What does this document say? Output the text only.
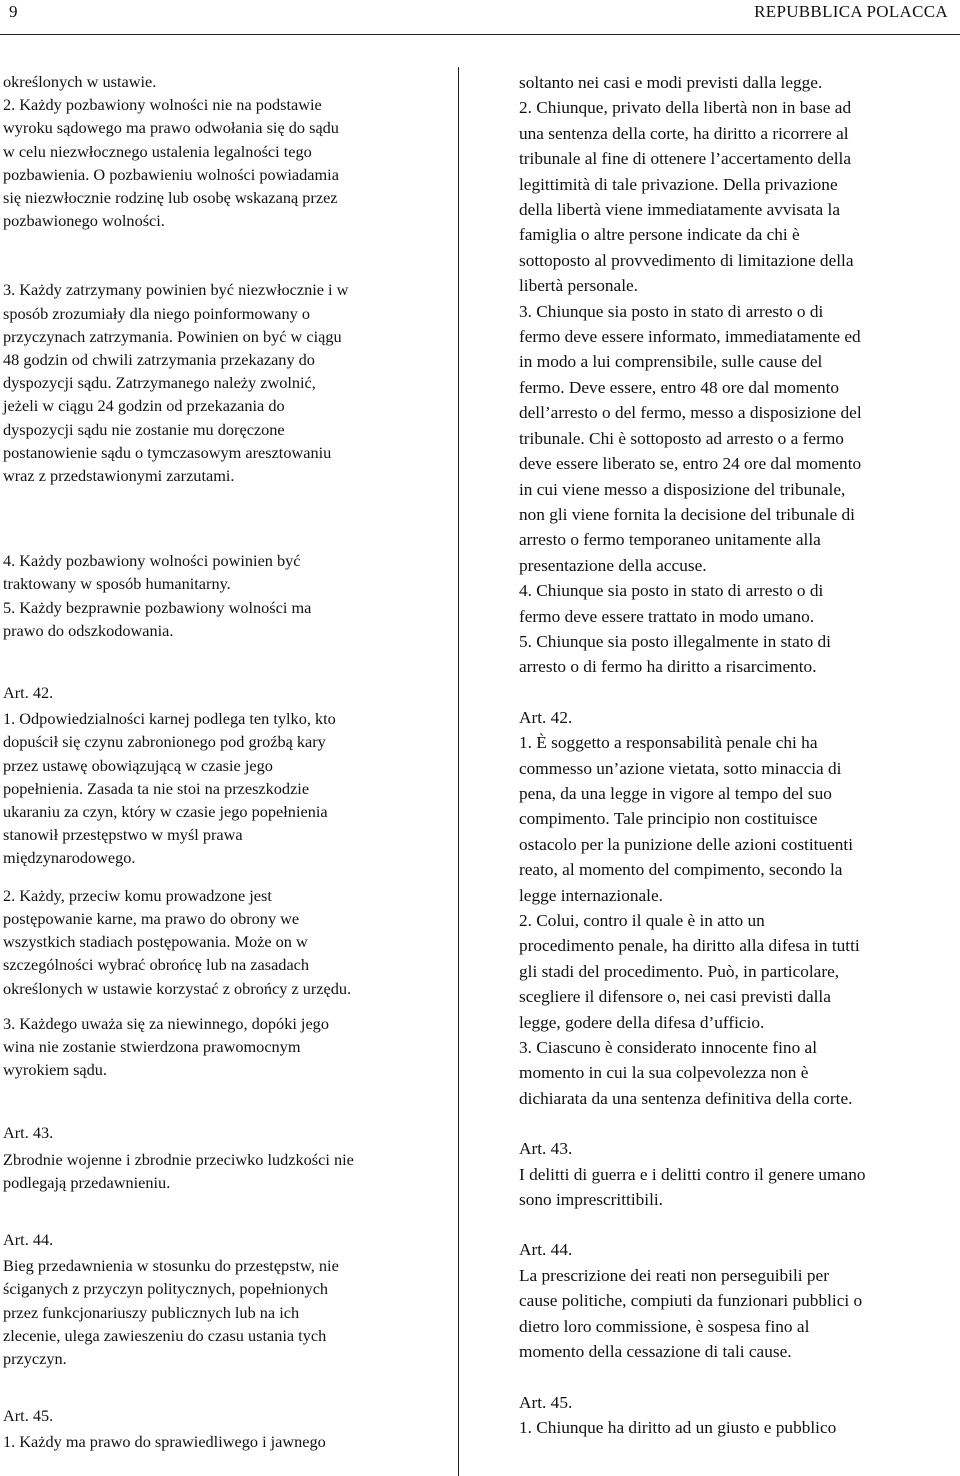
9	REPUBBLICA POLACCA

określonych w ustawie.
2. Każdy pozbawiony wolności nie na podstawie
wyroku sądowego ma prawo odwołania się do sądu
w celu niezwłocznego ustalenia legalności tego
pozbawienia. O pozbawieniu wolności powiadamia
się niezwłocznie rodzinę lub osobę wskazaną przez
pozbawionego wolności.

3. Każdy zatrzymany powinien być niezwłocznie i w
sposób zrozumiały dla niego poinformowany o
przyczynach zatrzymania. Powinien on być w ciągu
48 godzin od chwili zatrzymania przekazany do
dyspozycji sądu. Zatrzymanego należy zwolnić,
jeżeli w ciągu 24 godzin od przekazania do
dyspozycji sądu nie zostanie mu doręczone
postanowienie sądu o tymczasowym aresztowaniu
wraz z przedstawionymi zarzutami.

4. Każdy pozbawiony wolności powinien być
traktowany w sposób humanitarny.
5. Każdy bezprawnie pozbawiony wolności ma
prawo do odszkodowania.

Art. 42.

1. Odpowiedzialności karnej podlega ten tylko, kto
dopuścił się czynu zabronionego pod groźbą kary
przez ustawę obowiązującą w czasie jego
popełnienia. Zasada ta nie stoi na przeszkodzie
ukaraniu za czyn, który w czasie jego popełnienia
stanowił przestępstwo w myśl prawa
międzynarodowego.

2. Każdy, przeciw komu prowadzone jest
postępowanie karne, ma prawo do obrony we
wszystkich stadiach postępowania. Może on w
szczególności wybrać obrońcę lub na zasadach
określonych w ustawie korzystać z obrońcy z urzędu.

3. Każdego uważa się za niewinnego, dopóki jego
wina nie zostanie stwierdzona prawomocnym
wyrokiem sądu.

Art. 43.

Zbrodnie wojenne i zbrodnie przeciwko ludzkości nie
podlegają przedawnieniu.

Art. 44.

Bieg przedawnienia w stosunku do przestępstw, nie
ściganych z przyczyn politycznych, popełnionych
przez funkcjonariuszy publicznych lub na ich
zlecenie, ulega zawieszeniu do czasu ustania tych
przyczyn.

Art. 45.

1. Każdy ma prawo do sprawiedliwego i jawnego

soltanto nei casi e modi previsti dalla legge.
2. Chiunque, privato della libertà non in base ad
una sentenza della corte, ha diritto a ricorrere al
tribunale al fine di ottenere l’accertamento della
legittimità di tale privazione. Della privazione
della libertà viene immediatamente avvisata la
famiglia o altre persone indicate da chi è
sottoposto al provvedimento di limitazione della
libertà personale.
3. Chiunque sia posto in stato di arresto o di
fermo deve essere informato, immediatamente ed
in modo a lui comprensibile, sulle cause del
fermo. Deve essere, entro 48 ore dal momento
dell’arresto o del fermo, messo a disposizione del
tribunale. Chi è sottoposto ad arresto o a fermo
deve essere liberato se, entro 24 ore dal momento
in cui viene messo a disposizione del tribunale,
non gli viene fornita la decisione del tribunale di
arresto o fermo temporaneo unitamente alla
presentazione della accuse.
4. Chiunque sia posto in stato di arresto o di
fermo deve essere trattato in modo umano.
5. Chiunque sia posto illegalmente in stato di
arresto o di fermo ha diritto a risarcimento.

Art. 42.

1. È soggetto a responsabilità penale chi ha
commesso un’azione vietata, sotto minaccia di
pena, da una legge in vigore al tempo del suo
compimento. Tale principio non costituisce
ostacolo per la punizione delle azioni costituenti
reato, al momento del compimento, secondo la
legge internazionale.
2. Colui, contro il quale è in atto un
procedimento penale, ha diritto alla difesa in tutti
gli stadi del procedimento. Può, in particolare,
scegliere il difensore o, nei casi previsti dalla
legge, godere della difesa d’ufficio.
3. Ciascuno è considerato innocente fino al
momento in cui la sua colpevolezza non è
dichiarata da una sentenza definitiva della corte.

Art. 43.

I delitti di guerra e i delitti contro il genere umano
sono imprescrittibili.

Art. 44.

La prescrizione dei reati non perseguibili per
cause politiche, compiuti da funzionari pubblici o
dietro loro commissione, è sospesa fino al
momento della cessazione di tali cause.

Art. 45.

1. Chiunque ha diritto ad un giusto e pubblico
